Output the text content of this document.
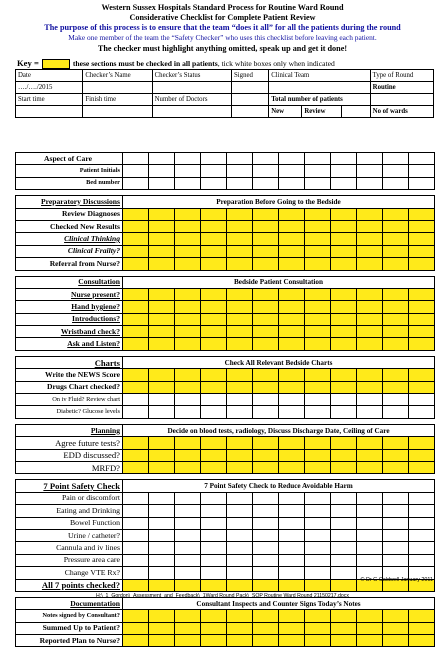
Western Sussex Hospitals Standard Process for Routine Ward Round
Considerative Checklist for Complete Patient Review
The purpose of this process is to ensure that the team “does it all” for all the patients during the round
Make one member of the team the “Safety Checker” who uses this checklist before leaving each patient.
The checker must highlight anything omitted, speak up and get it done!
Key =	these sections must be checked in all patients, tick white boxes only when indicated
Date	Checker’s Name	Checker’s Status	Signed	Clinical Team			Type of Round
…./…./2015							Routine
Start time	Finish time	Number of Doctors		Total number of patients			
				New	Review		No of wards
Aspect of Care												
Patient Initials												
Bed number												

Preparatory Discussions	Preparation Before Going to the Bedside											
Review Diagnoses												
Checked New Results												
Clinical Thinking												
Clinical Frailty?												
Referral from Nurse?												

Consultation	Bedside Patient Consultation											
Nurse present?												
Hand hygiene?												
Introductions?												
Wristband check?												
Ask and Listen?												

Charts	Check All Relevant Bedside Charts											
Write the NEWS Score												
Drugs Chart checked?												
On iv Fluid? Review chart												
Diabetic? Glucose levels												

Planning	Decide on blood tests, radiology, Discuss Discharge Date, Ceiling of Care											
Agree future tests?												
EDD discussed?												
MRFD?												

7 Point Safety Check	7 Point Safety Check to Reduce Avoidable Harm											
Pain or discomfort												
Eating and Drinking												
Bowel Function												
Urine / catheter?												
Cannula and iv lines												
Pressure area care												
Change VTE Rx?												
All 7 points checked?												

Documentation	Consultant Inspects and Counter Signs Today’s Notes											
Notes signed by Consultant?												
Summed Up to Patient?												
Reported Plan to Nurse?												
© Dr G Caldwell January 2011
H:\_1_Gordon\_Assessment_and_Feedback\_1Ward Round Pack\_SOP Routine Ward Round 21150217.docx
